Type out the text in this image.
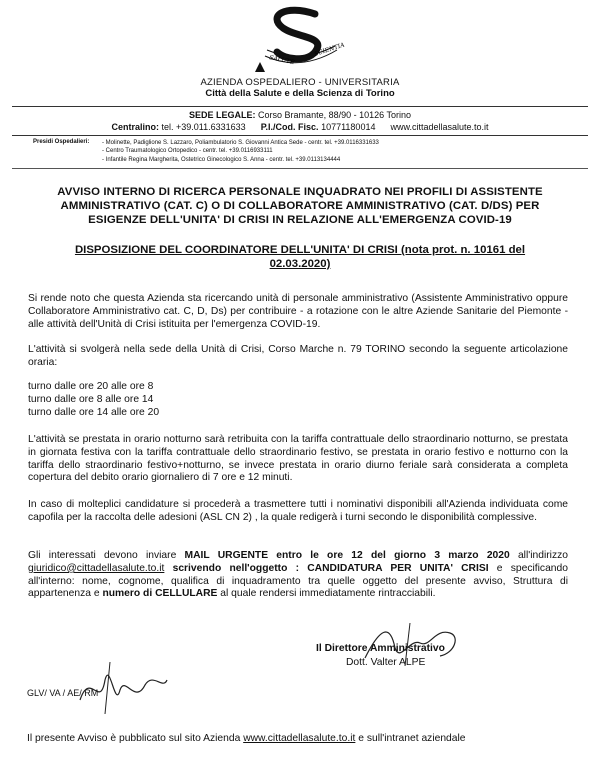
SALUTE
SCIENTIA
AZIENDA OSPEDALIERO - UNIVERSITARIA
Città della Salute e della Scienza di Torino
SEDE LEGALE: Corso Bramante, 88/90 - 10126 Torino
Centralino: tel. +39.011.6331633 P.I./Cod. Fisc. 10771180014 www.cittadellasalute.to.it
Presidi Ospedalieri: - Molinette, Padiglione S. Lazzaro, Poliambulatorio S. Giovanni Antica Sede - centr. tel. +39.0116331633
- Centro Traumatologico Ortopedico - centr. tel. +39.0116933111
- Infantile Regina Margherita, Ostetrico Ginecologico S. Anna - centr. tel. +39.0113134444
AVVISO INTERNO DI RICERCA PERSONALE INQUADRATO NEI PROFILI DI ASSISTENTE
AMMINISTRATIVO (CAT. C) O DI COLLABORATORE AMMINISTRATIVO (CAT. D/DS) PER
ESIGENZE DELL'UNITA' DI CRISI IN RELAZIONE ALL'EMERGENZA COVID-19
DISPOSIZIONE DEL COORDINATORE DELL'UNITA' DI CRISI (nota prot. n. 10161 del
02.03.2020)
Si rende noto che questa Azienda sta ricercando unità di personale amministrativo (Assistente Amministrativo oppure Collaboratore Amministrativo cat. C, D, Ds) per contribuire - a rotazione con le altre Aziende Sanitarie del Piemonte - alle attività dell'Unità di Crisi istituita per l'emergenza COVID-19.
L'attività si svolgerà nella sede della Unità di Crisi, Corso Marche n. 79 TORINO secondo la seguente articolazione oraria:
turno dalle ore 20 alle ore 8
turno dalle ore 8 alle ore 14
turno dalle ore 14 alle ore 20
L'attività se prestata in orario notturno sarà retribuita con la tariffa contrattuale dello straordinario notturno, se prestata in giornata festiva con la tariffa contrattuale dello straordinario festivo, se prestata in orario festivo e notturno con la tariffa dello straordinario festivo+notturno, se invece prestata in orario diurno feriale sarà considerata a completa copertura del debito orario giornaliero di 7 ore e 12 minuti.
In caso di molteplici candidature si procederà a trasmettere tutti i nominativi disponibili all'Azienda individuata come capofila per la raccolta delle adesioni (ASL CN 2) , la quale redigerà i turni secondo le disponibilità complessive.
Gli interessati devono inviare MAIL URGENTE entro le ore 12 del giorno 3 marzo 2020 all'indirizzo giuridico@cittadellasalute.to.it scrivendo nell'oggetto : CANDIDATURA PER UNITA' CRISI e specificando all'interno: nome, cognome, qualifica di inquadramento tra quelle oggetto del presente avviso, Struttura di appartenenza e numero di CELLULARE al quale rendersi immediatamente rintracciabili.
Il Direttore Amministrativo
Dott. Valter ALPE
GLV/ VA / AE/ RM
Il presente Avviso è pubblicato sul sito Azienda www.cittadellasalute.to.it e sull'intranet aziendale
